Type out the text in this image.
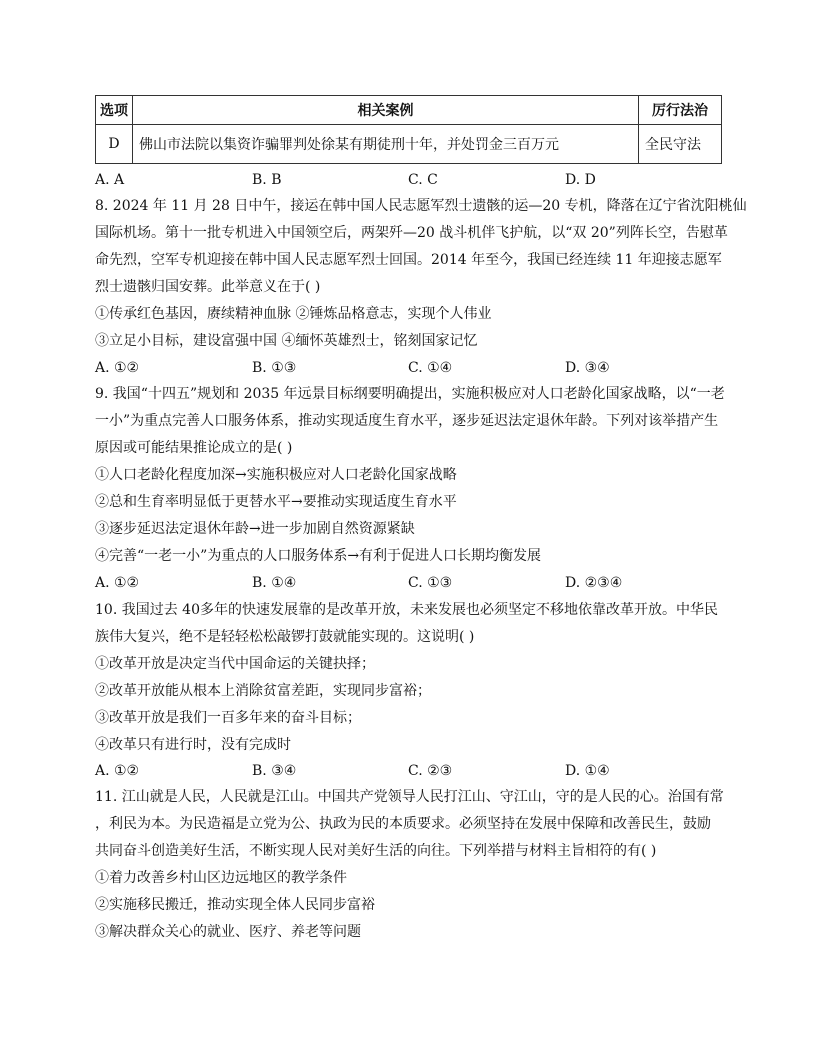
选项	相关案例	厉行法治
D	佛山市法院以集资诈骗罪判处徐某有期徒刑十年，并处罚金三百万元	全民守法
A. A	B. B	C. C	D. D
8. 2024 年 11 月 28 日中午，接运在韩中国人民志愿军烈士遗骸的运—20 专机，降落在辽宁省沈阳桃仙
国际机场。第十一批专机进入中国领空后，两架歼—20 战斗机伴飞护航，以“双 20”列阵长空，告慰革
命先烈，空军专机迎接在韩中国人民志愿军烈士回国。2014 年至今，我国已经连续 11 年迎接志愿军
烈士遗骸归国安葬。此举意义在于( )
①传承红色基因，赓续精神血脉 ②锤炼品格意志，实现个人伟业
③立足小目标，建设富强中国 ④缅怀英雄烈士，铭刻国家记忆
A. ①②	B. ①③	C. ①④	D. ③④
9. 我国“十四五”规划和 2035 年远景目标纲要明确提出，实施积极应对人口老龄化国家战略，以“一老
一小”为重点完善人口服务体系，推动实现适度生育水平，逐步延迟法定退休年龄。下列对该举措产生
原因或可能结果推论成立的是( )
①人口老龄化程度加深→实施积极应对人口老龄化国家战略
②总和生育率明显低于更替水平→要推动实现适度生育水平
③逐步延迟法定退休年龄→进一步加剧自然资源紧缺
④完善“一老一小”为重点的人口服务体系→有利于促进人口长期均衡发展
A. ①②	B. ①④	C. ①③	D. ②③④
10. 我国过去 40多年的快速发展靠的是改革开放，未来发展也必须坚定不移地依靠改革开放。中华民
族伟大复兴，绝不是轻轻松松敲锣打鼓就能实现的。这说明( )
①改革开放是决定当代中国命运的关键抉择；
②改革开放能从根本上消除贫富差距，实现同步富裕；
③改革开放是我们一百多年来的奋斗目标；
④改革只有进行时，没有完成时
A. ①②	B. ③④	C. ②③	D. ①④
11. 江山就是人民，人民就是江山。中国共产党领导人民打江山、守江山，守的是人民的心。治国有常
，利民为本。为民造福是立党为公、执政为民的本质要求。必须坚持在发展中保障和改善民生，鼓励
共同奋斗创造美好生活，不断实现人民对美好生活的向往。下列举措与材料主旨相符的有( )
①着力改善乡村山区边远地区的教学条件
②实施移民搬迁，推动实现全体人民同步富裕
③解决群众关心的就业、医疗、养老等问题
